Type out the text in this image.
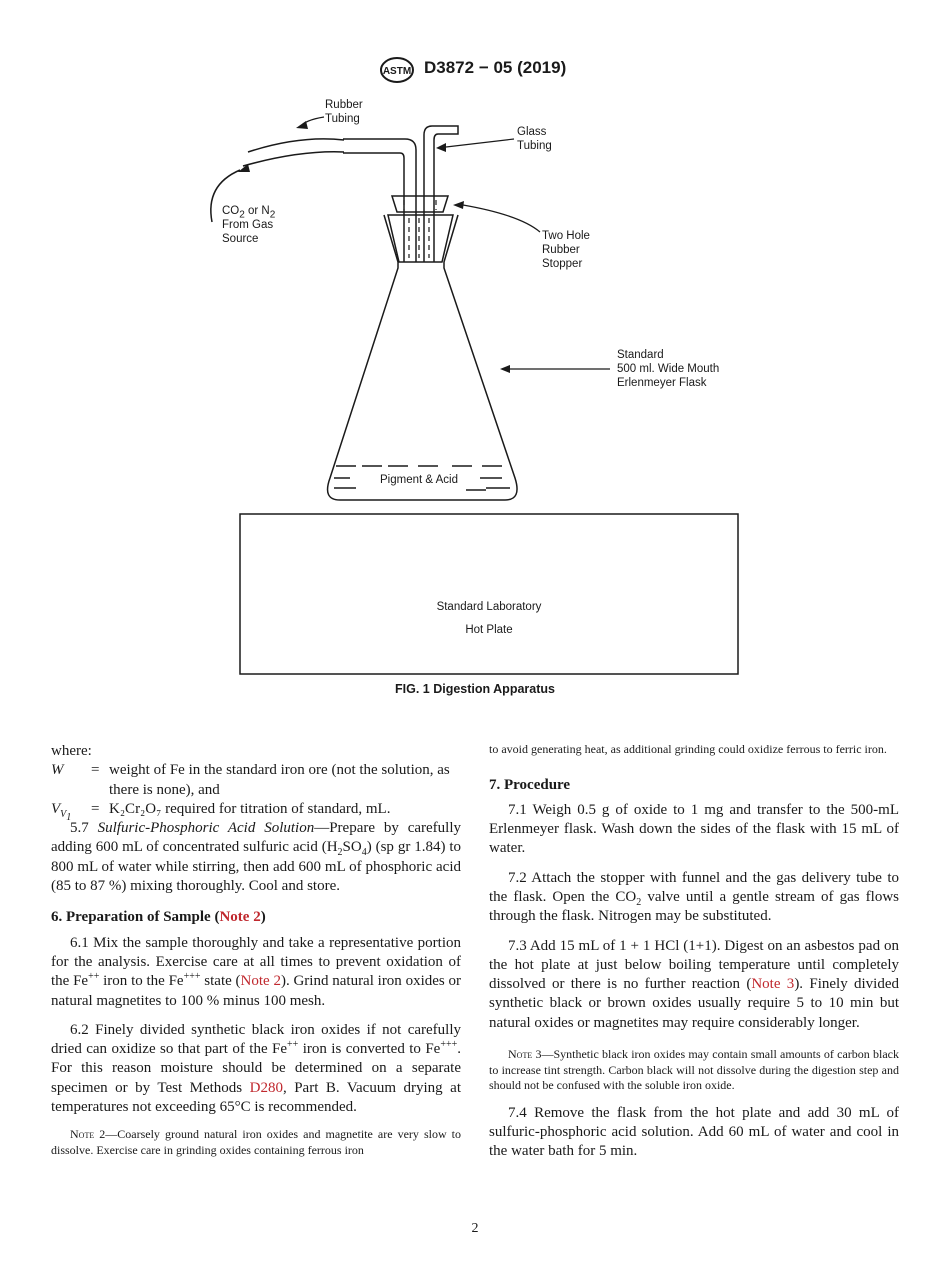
ASTM D3872 − 05 (2019)
Rubber
Tubing
Glass
Tubing
$CO_2$ or $N_2$
From Gas
Source	Two Hole
Rubber
Stopper
Standard
500 ml. Wide Mouth
Erlenmeyer Flask
Pigment & Acid
Standard Laboratory
Hot Plate
FIG. 1 Digestion Apparatus

where:

W	= weight of Fe in the standard iron ore (not the solution, as there is none), and
$V_{V_1}$
= K₂Cr₂O₇ required for titration of standard, mL.

5.7 Sulfuric-Phosphoric Acid Solution—Prepare by carefully adding 600 mL of concentrated sulfuric acid $(H_2SO_4)$ (sp gr 1.84) to 800 mL of water while stirring, then add 600 mL of phosphoric acid (85 to 87 %) mixing thoroughly. Cool and store.

6. Preparation of Sample (Note 2)

6.1 Mix the sample thoroughly and take a representative portion for the analysis. Exercise care at all times to prevent oxidation of the Fe++ iron to the Fe+++ state (Note 2). Grind natural iron oxides or natural magnetites to 100 % minus 100 mesh.

6.2 Finely divided synthetic black iron oxides if not carefully dried can oxidize so that part of the Fe++ iron is converted to Fe+++. For this reason moisture should be determined on a separate specimen or by Test Methods D280, Part B. Vacuum drying at temperatures not exceeding 65°C is recommended.

Note 2—Coarsely ground natural iron oxides and magnetite are very slow to dissolve. Exercise care in grinding oxides containing ferrous iron

to avoid generating heat, as additional grinding could oxidize ferrous to ferric iron.

7. Procedure

7.1 Weigh 0.5 g of oxide to 1 mg and transfer to the 500-mL Erlenmeyer flask. Wash down the sides of the flask with 15 mL of water.

7.2 Attach the stopper with funnel and the gas delivery tube to the flask. Open the $CO_2$ valve until a gentle stream of gas flows through the flask. Nitrogen may be substituted.

7.3 Add 15 mL of 1 + 1 HCl (1+1). Digest on an asbestos pad on the hot plate at just below boiling temperature until completely dissolved or there is no further reaction (Note 3). Finely divided synthetic black or brown oxides usually require 5 to 10 min but natural oxides or magnetites may require considerably longer.

Note 3—Synthetic black iron oxides may contain small amounts of carbon black to increase tint strength. Carbon black will not dissolve during the digestion step and should not be confused with the soluble iron oxide.

7.4 Remove the flask from the hot plate and add 30 mL of sulfuric-phosphoric acid solution. Add 60 mL of water and cool in the water bath for 5 min.

2
